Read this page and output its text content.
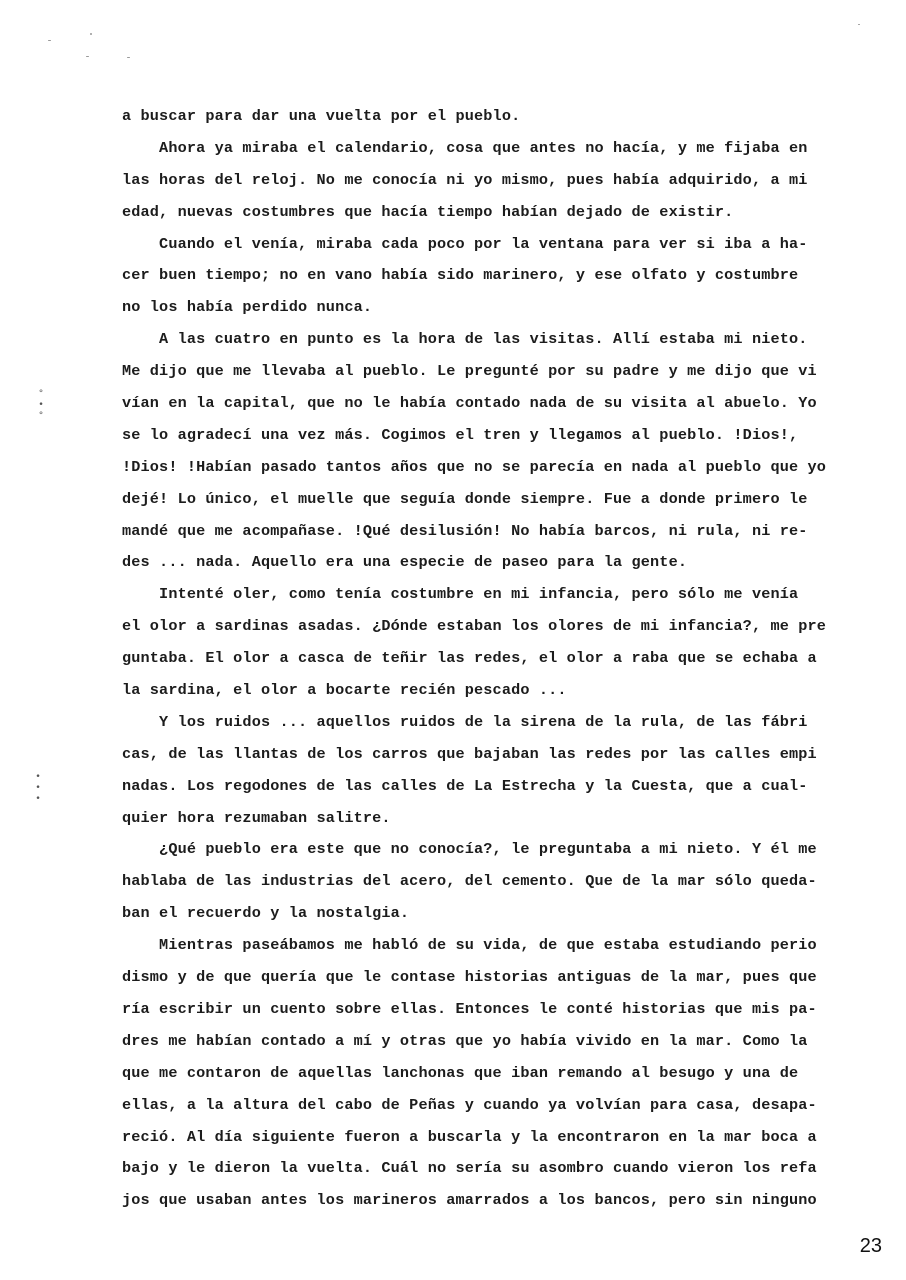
°
•
°
•
•
•
a buscar para dar una vuelta por el pueblo.
Ahora ya miraba el calendario, cosa que antes no hacía, y me fijaba en
las horas del reloj. No me conocía ni yo mismo, pues había adquirido, a mi
edad, nuevas costumbres que hacía tiempo habían dejado de existir.
Cuando el venía, miraba cada poco por la ventana para ver si iba a ha-
cer buen tiempo; no en vano había sido marinero, y ese olfato y costumbre
no los había perdido nunca.
A las cuatro en punto es la hora de las visitas. Allí estaba mi nieto.
Me dijo que me llevaba al pueblo. Le pregunté por su padre y me dijo que vi
vían en la capital, que no le había contado nada de su visita al abuelo. Yo
se lo agradecí una vez más. Cogimos el tren y llegamos al pueblo. !Dios!,
!Dios! !Habían pasado tantos años que no se parecía en nada al pueblo que yo
dejé! Lo único, el muelle que seguía donde siempre. Fue a donde primero le
mandé que me acompañase. !Qué desilusión! No había barcos, ni rula, ni re-
des ... nada. Aquello era una especie de paseo para la gente.
Intenté oler, como tenía costumbre en mi infancia, pero sólo me venía
el olor a sardinas asadas. ¿Dónde estaban los olores de mi infancia?, me pre
guntaba. El olor a casca de teñir las redes, el olor a raba que se echaba a
la sardina, el olor a bocarte recién pescado ...
Y los ruidos ... aquellos ruidos de la sirena de la rula, de las fábri
cas, de las llantas de los carros que bajaban las redes por las calles empi
nadas. Los regodones de las calles de La Estrecha y la Cuesta, que a cual-
quier hora rezumaban salitre.
¿Qué pueblo era este que no conocía?, le preguntaba a mi nieto. Y él me
hablaba de las industrias del acero, del cemento. Que de la mar sólo queda-
ban el recuerdo y la nostalgia.
Mientras paseábamos me habló de su vida, de que estaba estudiando perio
dismo y de que quería que le contase historias antiguas de la mar, pues que
ría escribir un cuento sobre ellas. Entonces le conté historias que mis pa-
dres me habían contado a mí y otras que yo había vivido en la mar. Como la
que me contaron de aquellas lanchonas que iban remando al besugo y una de
ellas, a la altura del cabo de Peñas y cuando ya volvían para casa, desapa-
reció. Al día siguiente fueron a buscarla y la encontraron en la mar boca a
bajo y le dieron la vuelta. Cuál no sería su asombro cuando vieron los refa
jos que usaban antes los marineros amarrados a los bancos, pero sin ninguno
23
